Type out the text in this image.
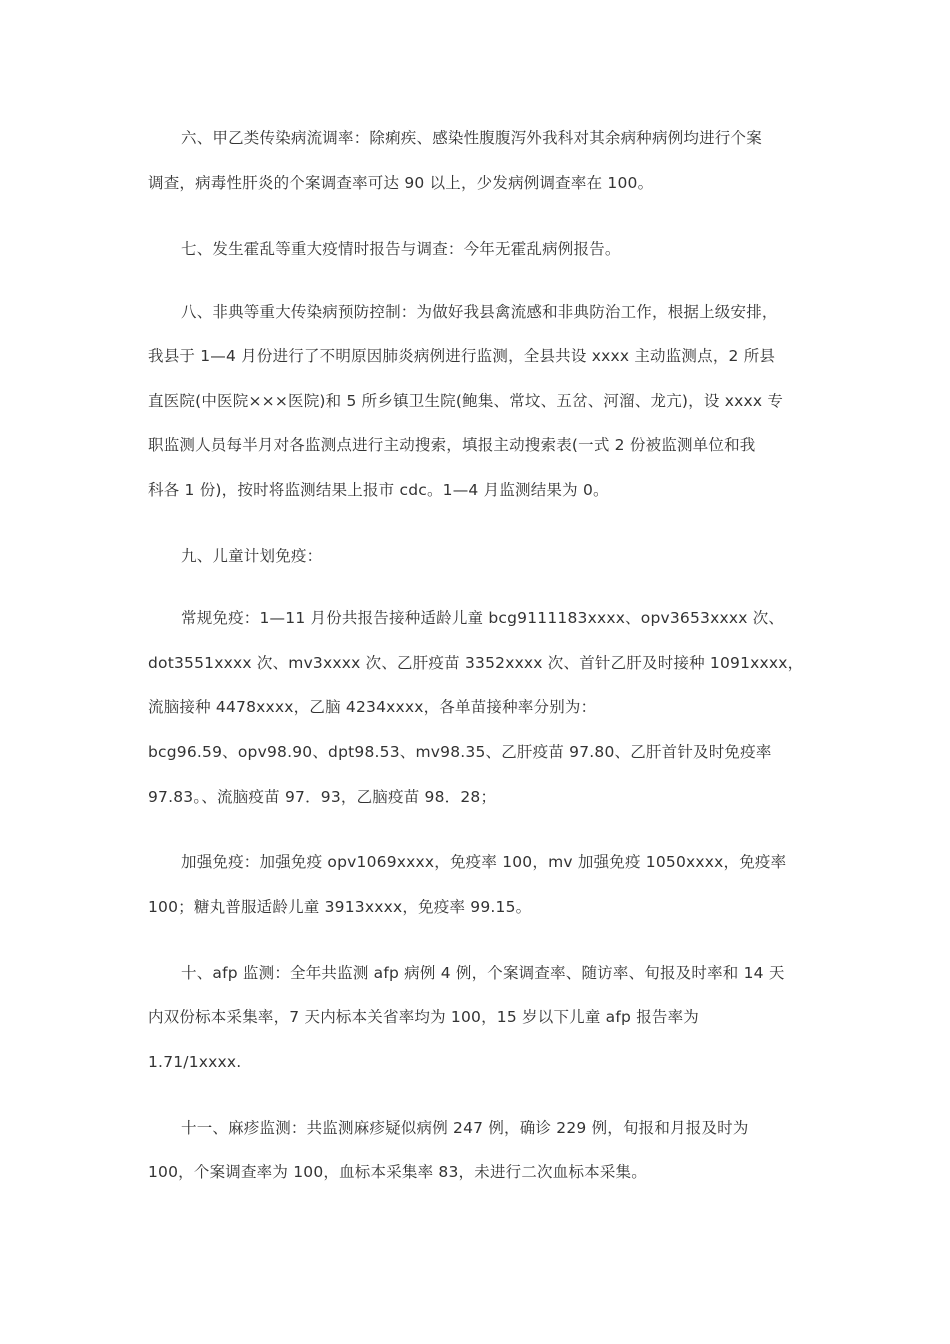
六、甲乙类传染病流调率：除痢疾、感染性腹腹泻外我科对其余病种病例均进行个案
调查，病毒性肝炎的个案调查率可达 90 以上，少发病例调查率在 100。
七、发生霍乱等重大疫情时报告与调查：今年无霍乱病例报告。
八、非典等重大传染病预防控制：为做好我县禽流感和非典防治工作，根据上级安排，
我县于 1—4 月份进行了不明原因肺炎病例进行监测，全县共设 xxxx 主动监测点，2 所县
直医院(中医院×××医院)和 5 所乡镇卫生院(鲍集、常坟、五岔、河溜、龙亢)，设 xxxx 专
职监测人员每半月对各监测点进行主动搜索，填报主动搜索表(一式 2 份被监测单位和我
科各 1 份)，按时将监测结果上报市 cdc。1—4 月监测结果为 0。
九、儿童计划免疫：
常规免疫：1—11 月份共报告接种适龄儿童 bcg9111183xxxx、opv3653xxxx 次、
dot3551xxxx 次、mv3xxxx 次、乙肝疫苗 3352xxxx 次、首针乙肝及时接种 1091xxxx，
流脑接种 4478xxxx，乙脑 4234xxxx，各单苗接种率分别为：
bcg96.59、opv98.90、dpt98.53、mv98.35、乙肝疫苗 97.80、乙肝首针及时免疫率
97.83。、流脑疫苗 97．93，乙脑疫苗 98．28；
加强免疫：加强免疫 opv1069xxxx，免疫率 100，mv 加强免疫 1050xxxx，免疫率
100；糖丸普服适龄儿童 3913xxxx，免疫率 99.15。
十、afp 监测：全年共监测 afp 病例 4 例，个案调查率、随访率、旬报及时率和 14 天
内双份标本采集率，7 天内标本关省率均为 100，15 岁以下儿童 afp 报告率为
1.71/1xxxx.
十一、麻疹监测：共监测麻疹疑似病例 247 例，确诊 229 例，旬报和月报及时为
100，个案调查率为 100，血标本采集率 83，未进行二次血标本采集。
